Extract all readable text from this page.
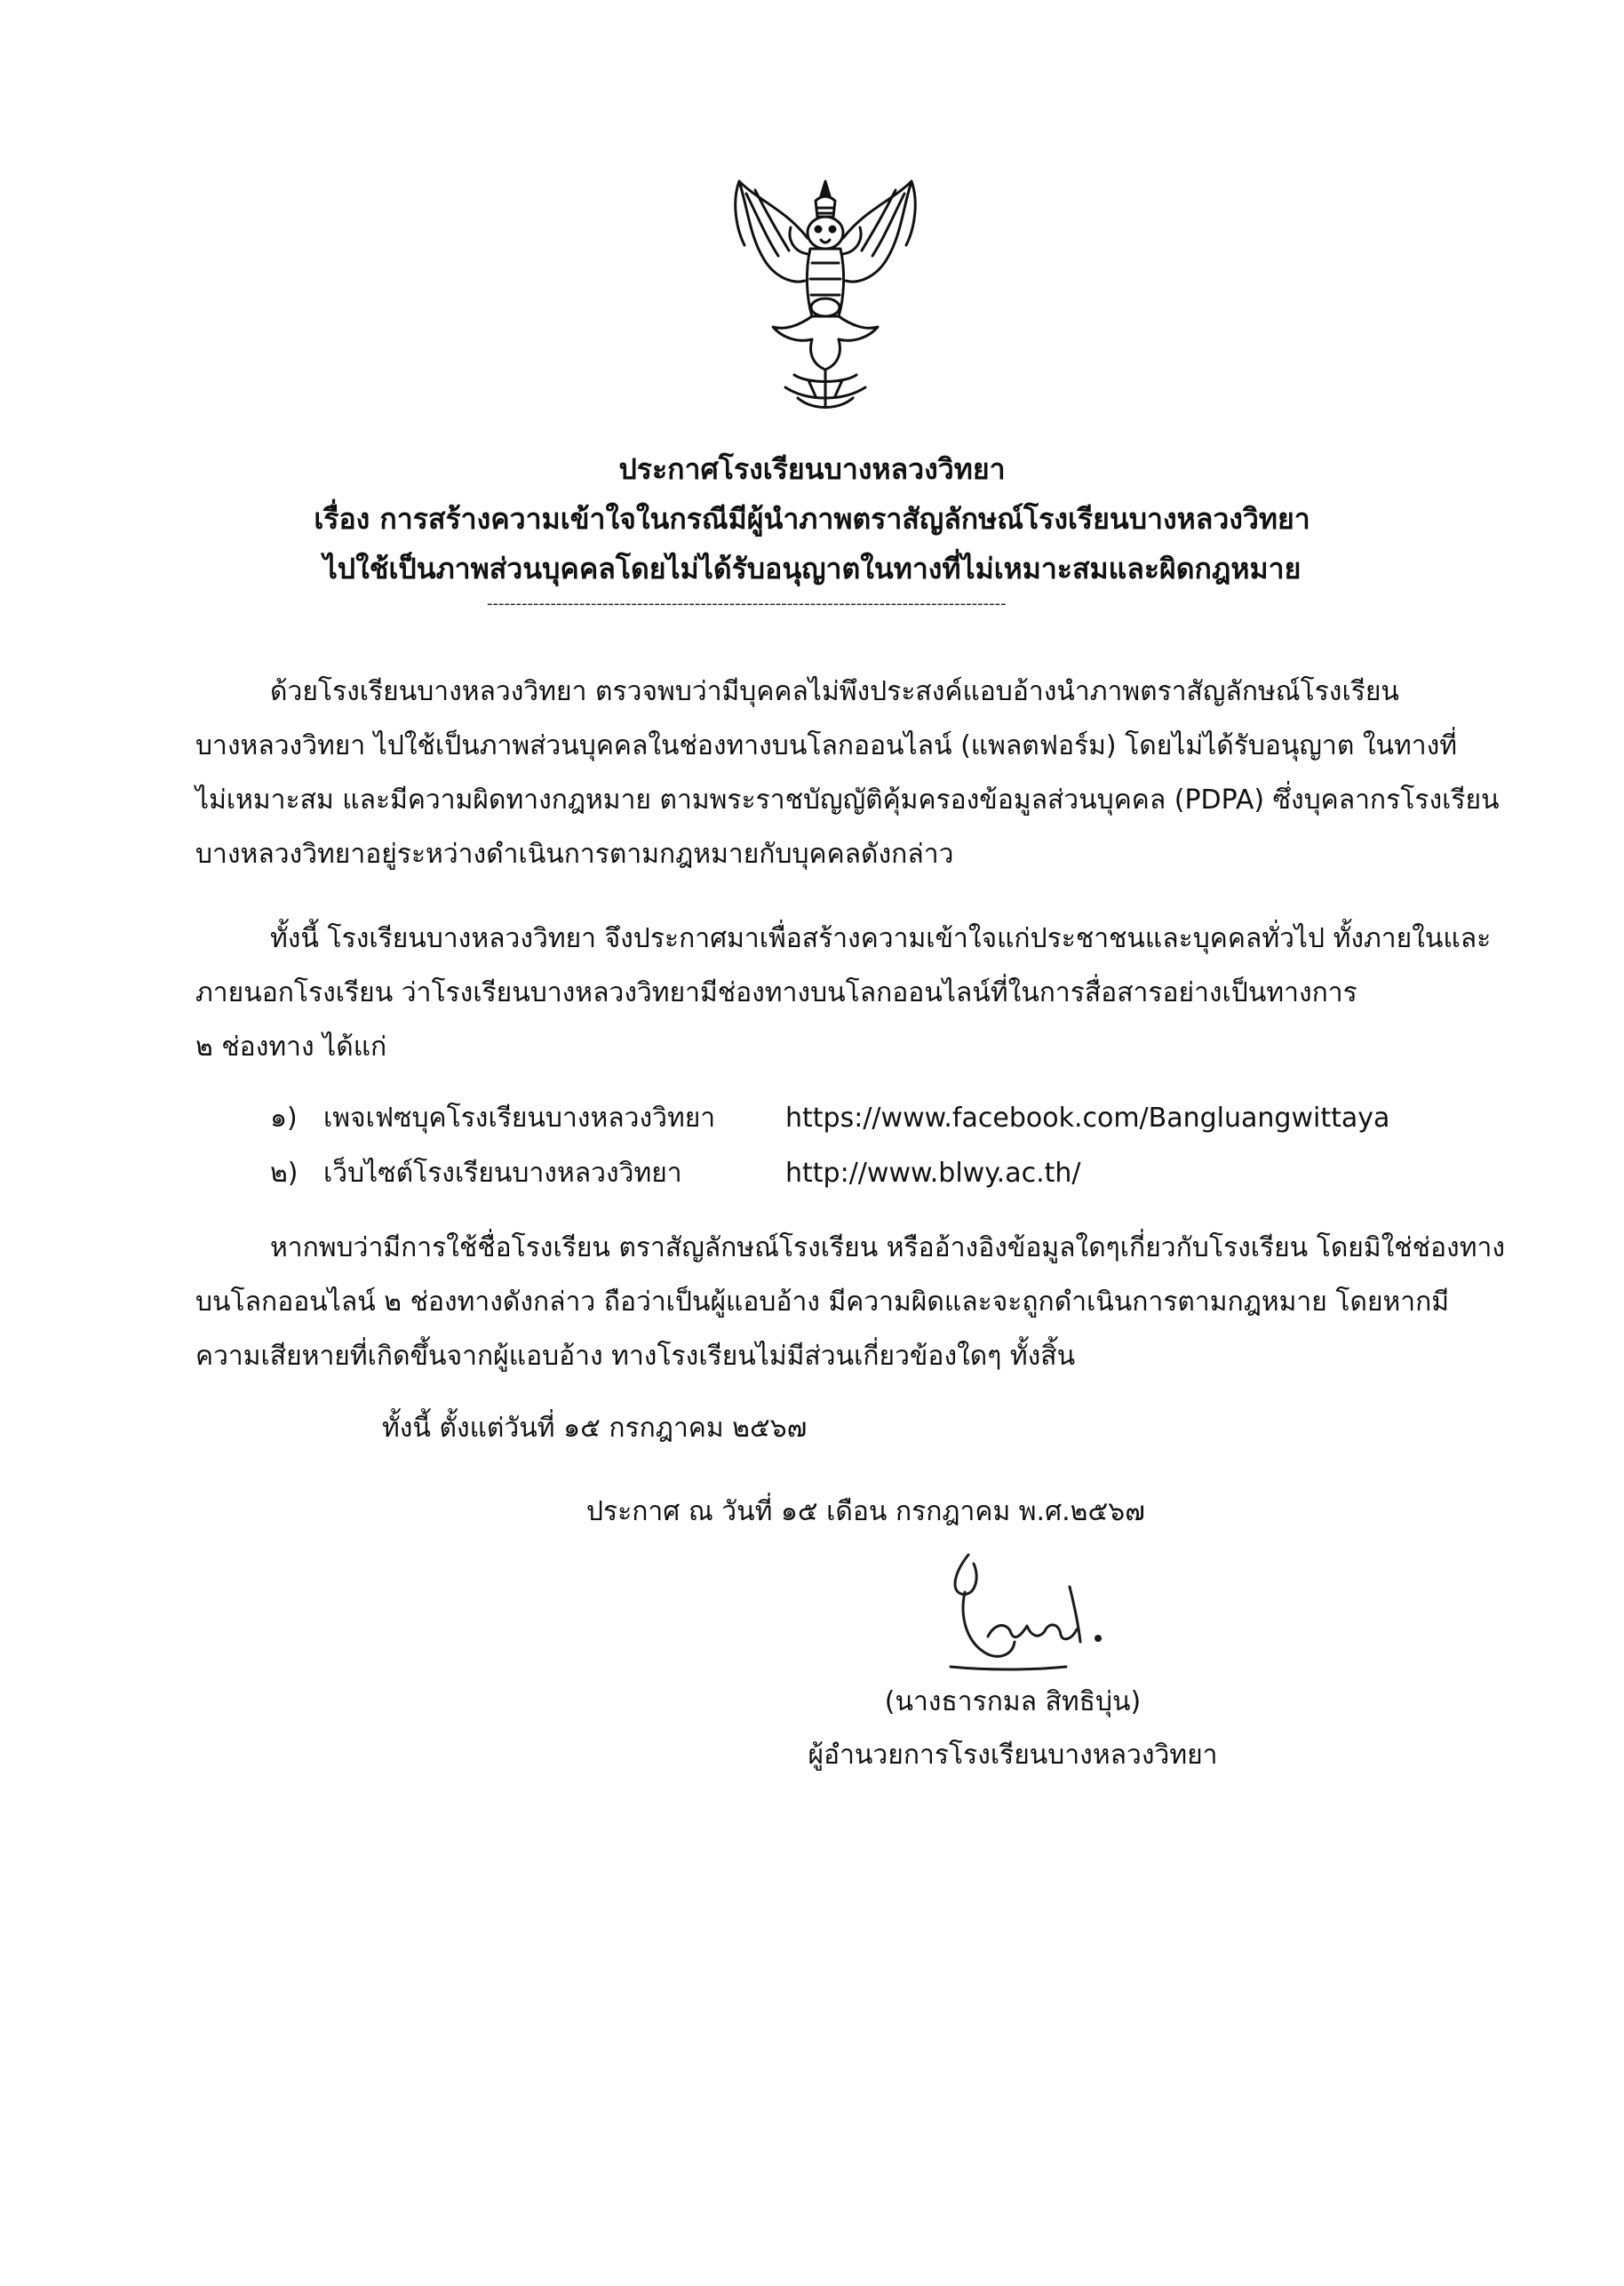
ประกาศโรงเรียนบางหลวงวิทยา
เรื่อง การสร้างความเข้าใจในกรณีมีผู้นำภาพตราสัญลักษณ์โรงเรียนบางหลวงวิทยา
ไปใช้เป็นภาพส่วนบุคคลโดยไม่ได้รับอนุญาตในทางที่ไม่เหมาะสมและผิดกฎหมาย
------------------------------------------------------------------------------------------
ด้วยโรงเรียนบางหลวงวิทยา ตรวจพบว่ามีบุคคลไม่พึงประสงค์แอบอ้างนำภาพตราสัญลักษณ์โรงเรียน
บางหลวงวิทยา ไปใช้เป็นภาพส่วนบุคคลในช่องทางบนโลกออนไลน์ (แพลตฟอร์ม) โดยไม่ได้รับอนุญาต ในทางที่
ไม่เหมาะสม และมีความผิดทางกฎหมาย ตามพระราชบัญญัติคุ้มครองข้อมูลส่วนบุคคล (PDPA) ซึ่งบุคลากรโรงเรียน
บางหลวงวิทยาอยู่ระหว่างดำเนินการตามกฎหมายกับบุคคลดังกล่าว
ทั้งนี้ โรงเรียนบางหลวงวิทยา จึงประกาศมาเพื่อสร้างความเข้าใจแก่ประชาชนและบุคคลทั่วไป ทั้งภายในและ
ภายนอกโรงเรียน ว่าโรงเรียนบางหลวงวิทยามีช่องทางบนโลกออนไลน์ที่ในการสื่อสารอย่างเป็นทางการ
๒ ช่องทาง ได้แก่
๑) เพจเฟซบุคโรงเรียนบางหลวงวิทยา	https://www.facebook.com/Bangluangwittaya
๒) เว็บไซต์โรงเรียนบางหลวงวิทยา	http://www.blwy.ac.th/
หากพบว่ามีการใช้ชื่อโรงเรียน ตราสัญลักษณ์โรงเรียน หรืออ้างอิงข้อมูลใดๆเกี่ยวกับโรงเรียน โดยมิใช่ช่องทาง
บนโลกออนไลน์ ๒ ช่องทางดังกล่าว ถือว่าเป็นผู้แอบอ้าง มีความผิดและจะถูกดำเนินการตามกฎหมาย โดยหากมี
ความเสียหายที่เกิดขึ้นจากผู้แอบอ้าง ทางโรงเรียนไม่มีส่วนเกี่ยวข้องใดๆ ทั้งสิ้น
ทั้งนี้ ตั้งแต่วันที่ ๑๕ กรกฎาคม ๒๕๖๗
ประกาศ ณ วันที่ ๑๕ เดือน กรกฎาคม พ.ศ.๒๕๖๗
(นางธารกมล สิทธิบุ่น)
ผู้อำนวยการโรงเรียนบางหลวงวิทยา
